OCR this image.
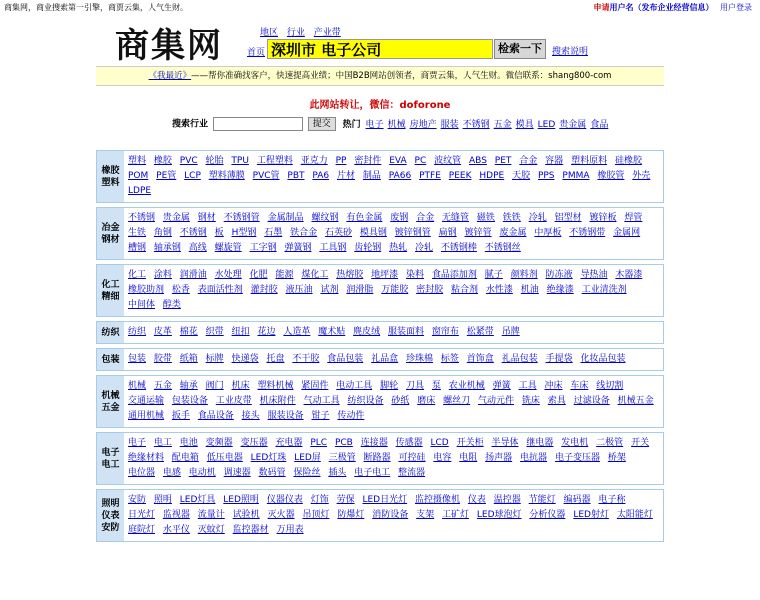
商集网，商业搜索第一引擎，商贾云集，人气生财。	申请用户名（发布企业经营信息） 用户登录
商集网	地区 行业 产业带
首页 深圳市 电子公司	检索一下	搜索说明
《我最近》——帮你准确找客户，快速提高业绩；中国B2B网站创领者，商贾云集，人气生财。微信联系：shang800-com
此网站转让，微信：doforone
搜索行业	提交 热门 电子 机械 房地产 服装 不锈钢 五金 模具 LED 贵金属 食品
橡胶塑料
塑料 橡胶 PVC 轮胎 TPU 工程塑料 亚克力 PP 密封件 EVA PC 波纹管 ABS PET 合金 容器 塑料原料 硅橡胶 POM PE管 LCP 塑料薄膜 PVC管 PBT PA6 片材 制品 PA66 PTFE PEEK HDPE 天胶 PPS PMMA 橡胶管 外壳 LDPE
冶金钢材
不锈钢 贵金属 钢材 不锈钢管 金属制品 螺纹钢 有色金属 废钢 合金 无缝管 磁铁 铁铁 冷轧 铝型材 镀锌板 焊管 生铁 角钢 不锈钢 板 H型钢 石墨 铁合金 石英砂 模具钢 镀锌钢管 扁钢 镀锌管 废金属 中厚板 不锈钢带 金属网 槽钢 轴承钢 高线 螺旋管 工字钢 弹簧钢 工具钢 齿轮钢 热轧 冷轧 不锈钢棒 不锈钢丝
化工精细
化工 涂料 润滑油 水处理 化肥 能源 煤化工 热熔胶 地坪漆 染料 食品添加剂 腻子 颜料剂 防冻液 导热油 木器漆 橡胶助剂 松香 表面活性剂 灌封胶 液压油 试剂 润滑脂 万能胶 密封胶 粘合剂 水性漆 机油 绝缘漆 工业清洗剂 中间体 醇类
纺织 纺织 皮革 棉花 织带 纽扣 花边 人造革 魔术贴 麂皮绒 服装面料 窗帘布 松紧带 吊牌
包装 包装 胶带 纸箱 标牌 快递袋 托盘 不干胶 食品包装 礼品盒 珍珠棉 标签 首饰盒 礼品包装 手提袋 化妆品包装
机械五金
机械 五金 轴承 阀门 机床 塑料机械 紧固件 电动工具 脚轮 刀具 泵 农业机械 弹簧 工具 冲床 车床 线切割 交通运输 包装设备 工业皮带 机床附件 气动工具 纺织设备 砂纸 磨床 螺丝刀 气动元件 铣床 索具 过滤设备 机械五金 通用机械 扳手 食品设备 接头 服装设备 钳子 传动件
电子电工
电子 电工 电池 变频器 变压器 充电器 PLC PCB 连接器 传感器 LCD 开关柜 半导体 继电器 发电机 二极管 开关 绝缘材料 配电箱 低压电器 LED灯珠 LED屏 三极管 断路器 可控硅 电容 电阻 扬声器 电抗器 电子变压器 桥架 电位器 电感 电动机 调速器 数码管 保险丝 插头 电子电工 整流器
照明仪表安防
安防 照明 LED灯具 LED照明 仪器仪表 灯饰 劳保 LED日光灯 监控摄像机 仪表 温控器 节能灯 编码器 电子称 日光灯 监视器 流量计 试验机 灭火器 吊顶灯 防爆灯 消防设备 支架 工矿灯 LED球泡灯 分析仪器 LED射灯 太阳能灯 庭院灯 水平仪 灭蚊灯 监控器材 万用表
